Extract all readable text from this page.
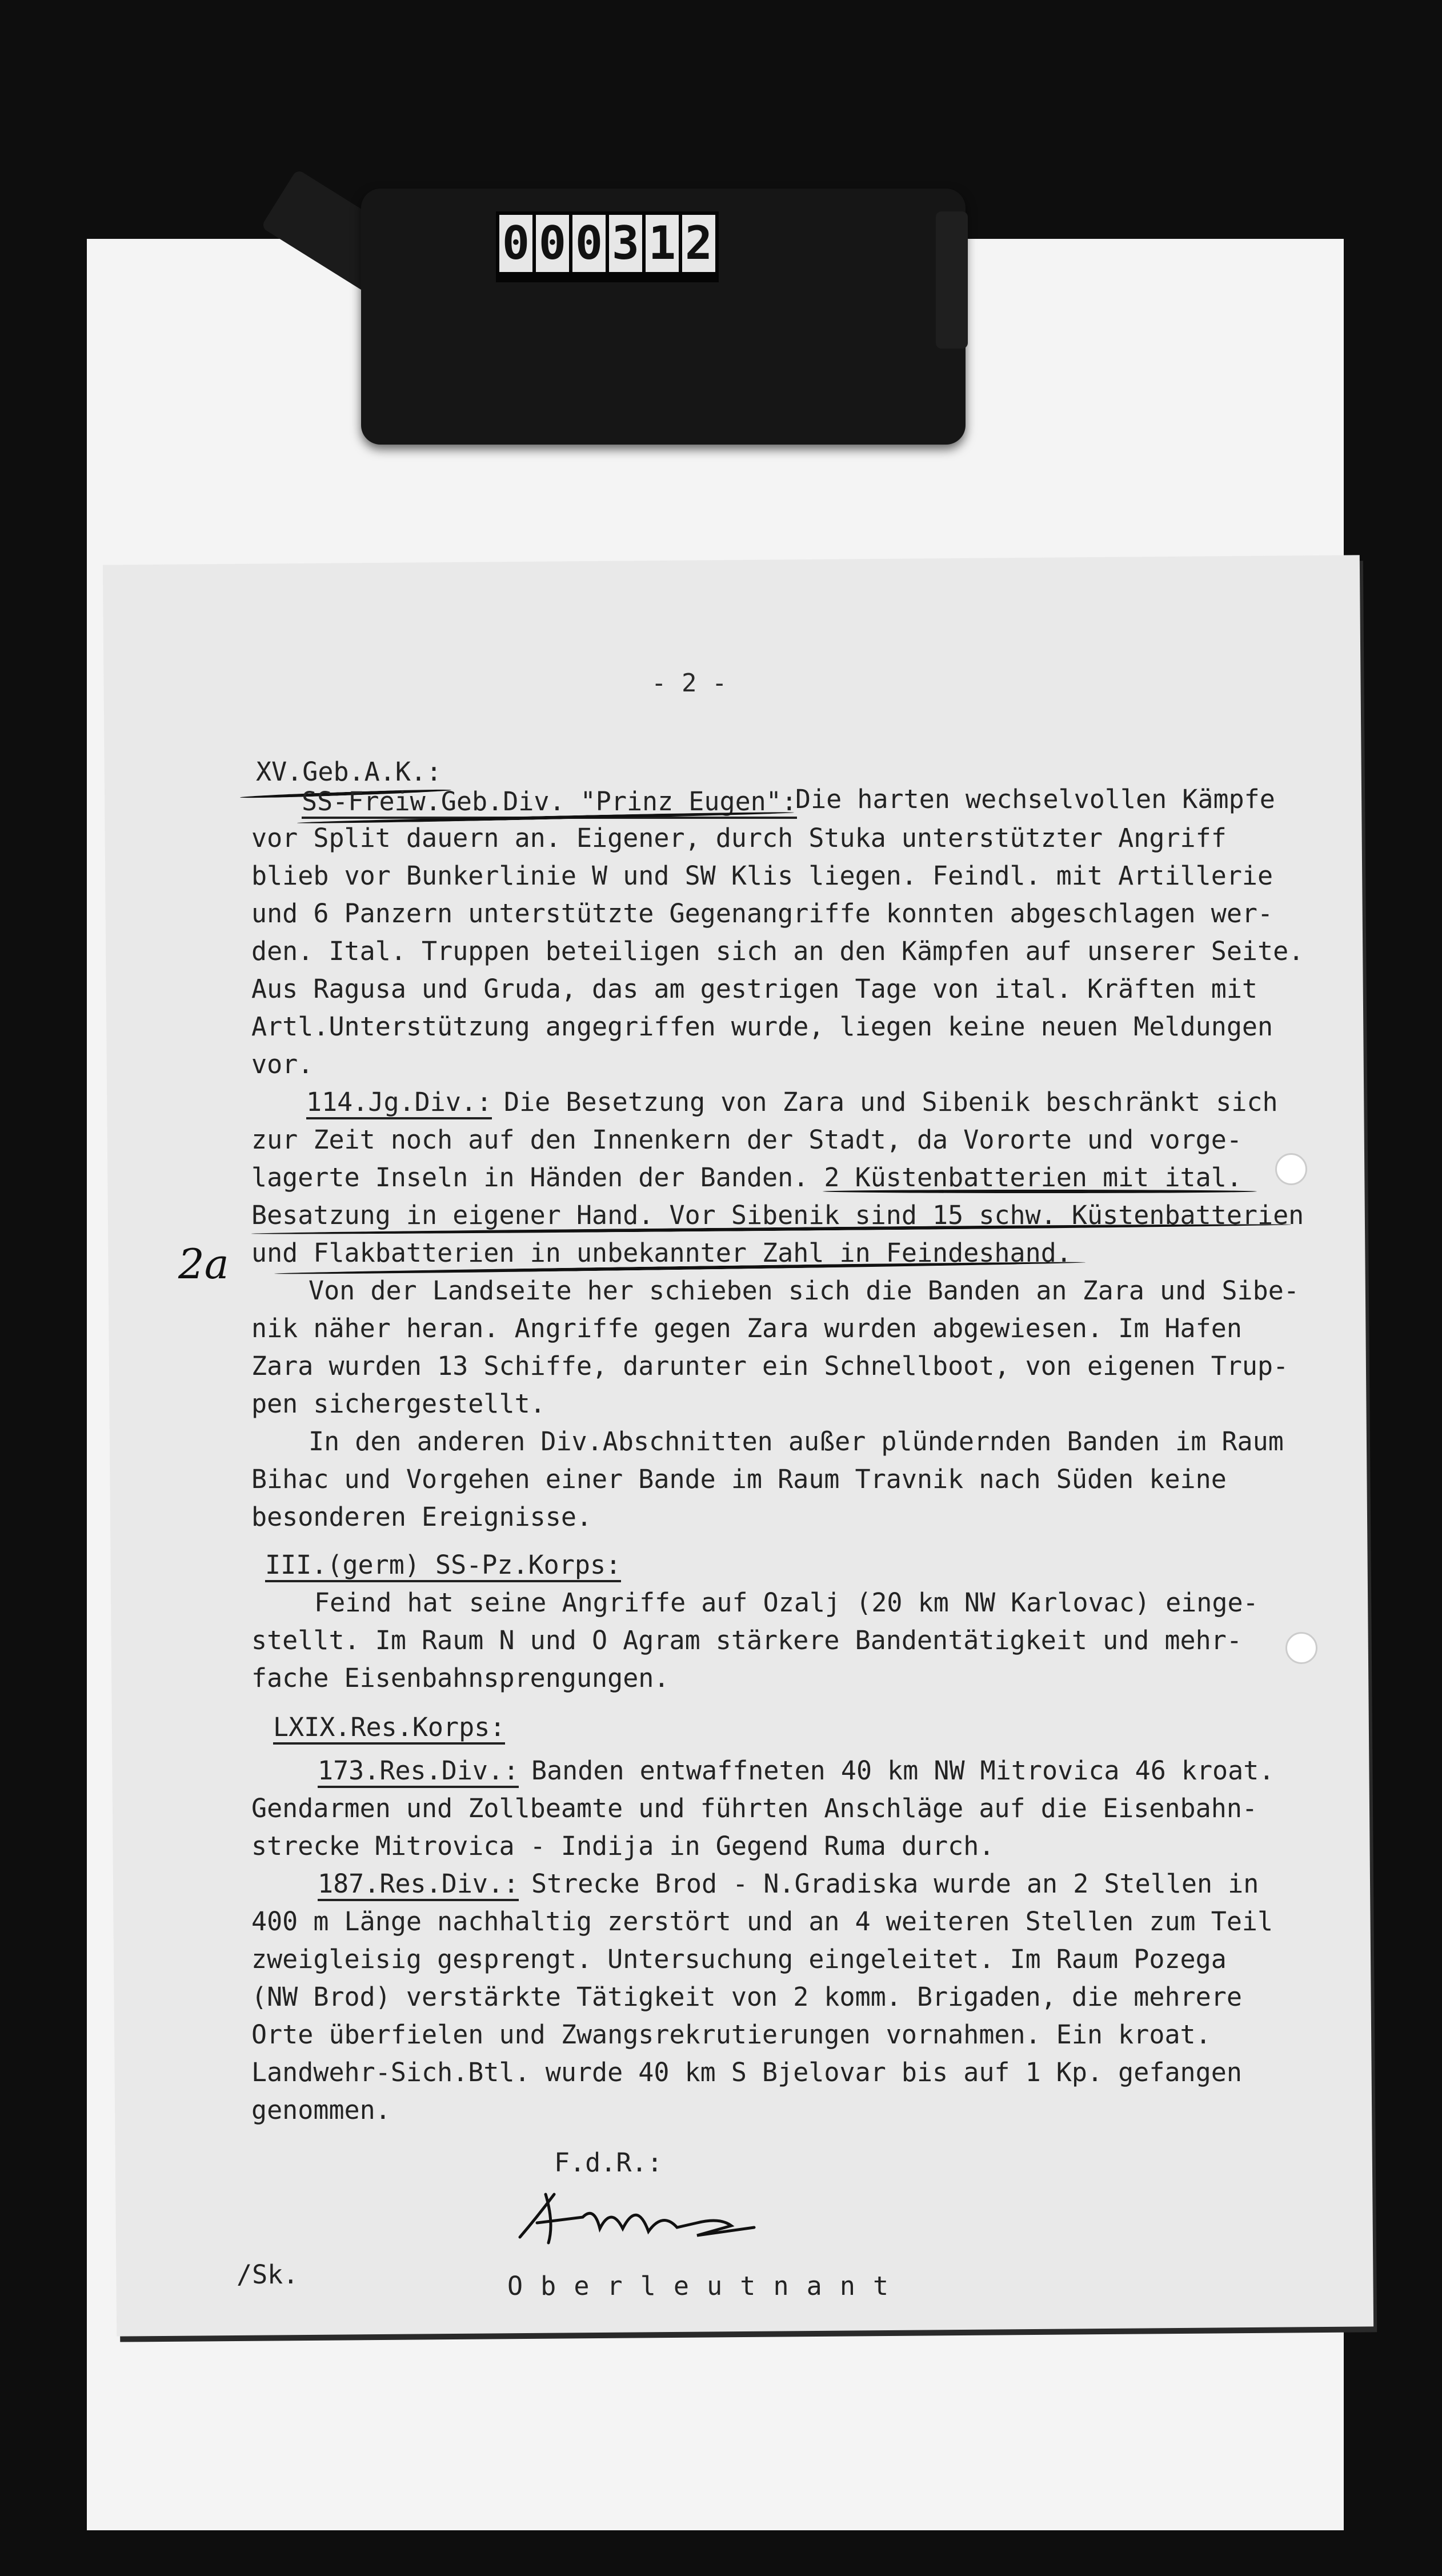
0 0 0 3 1 2
- 2 -
XV.Geb.A.K.:
SS-Freiw.Geb.Div. "Prinz Eugen":
Die harten wechselvollen Kämpfe
vor Split dauern an. Eigener, durch Stuka unterstützter Angriff
blieb vor Bunkerlinie W und SW Klis liegen. Feindl. mit Artillerie
und 6 Panzern unterstützte Gegenangriffe konnten abgeschlagen wer-
den. Ital. Truppen beteiligen sich an den Kämpfen auf unserer Seite.
Aus Ragusa und Gruda, das am gestrigen Tage von ital. Kräften mit
Artl.Unterstützung angegriffen wurde, liegen keine neuen Meldungen
vor.
114.Jg.Div.: Die Besetzung von Zara und Sibenik beschränkt sich
zur Zeit noch auf den Innenkern der Stadt, da Vororte und vorge-
lagerte Inseln in Händen der Banden. 2 Küstenbatterien mit ital.
Besatzung in eigener Hand. Vor Sibenik sind 15 schw. Küstenbatterien
und Flakbatterien in unbekannter Zahl in Feindeshand.
2a
Von der Landseite her schieben sich die Banden an Zara und Sibe-
nik näher heran. Angriffe gegen Zara wurden abgewiesen. Im Hafen
Zara wurden 13 Schiffe, darunter ein Schnellboot, von eigenen Trup-
pen sichergestellt.
In den anderen Div.Abschnitten außer plündernden Banden im Raum
Bihac und Vorgehen einer Bande im Raum Travnik nach Süden keine
besonderen Ereignisse.
III.(germ) SS-Pz.Korps:
Feind hat seine Angriffe auf Ozalj (20 km NW Karlovac) einge-
stellt. Im Raum N und O Agram stärkere Bandentätigkeit und mehr-
fache Eisenbahnsprengungen.
LXIX.Res.Korps:
173.Res.Div.: Banden entwaffneten 40 km NW Mitrovica 46 kroat.
Gendarmen und Zollbeamte und führten Anschläge auf die Eisenbahn-
strecke Mitrovica - Indija in Gegend Ruma durch.
187.Res.Div.: Strecke Brod - N.Gradiska wurde an 2 Stellen in
400 m Länge nachhaltig zerstört und an 4 weiteren Stellen zum Teil
zweigleisig gesprengt. Untersuchung eingeleitet. Im Raum Pozega
(NW Brod) verstärkte Tätigkeit von 2 komm. Brigaden, die mehrere
Orte überfielen und Zwangsrekrutierungen vornahmen. Ein kroat.
Landwehr-Sich.Btl. wurde 40 km S Bjelovar bis auf 1 Kp. gefangen
genommen.
F.d.R.:
O b e r l e u t n a n t
/Sk.
